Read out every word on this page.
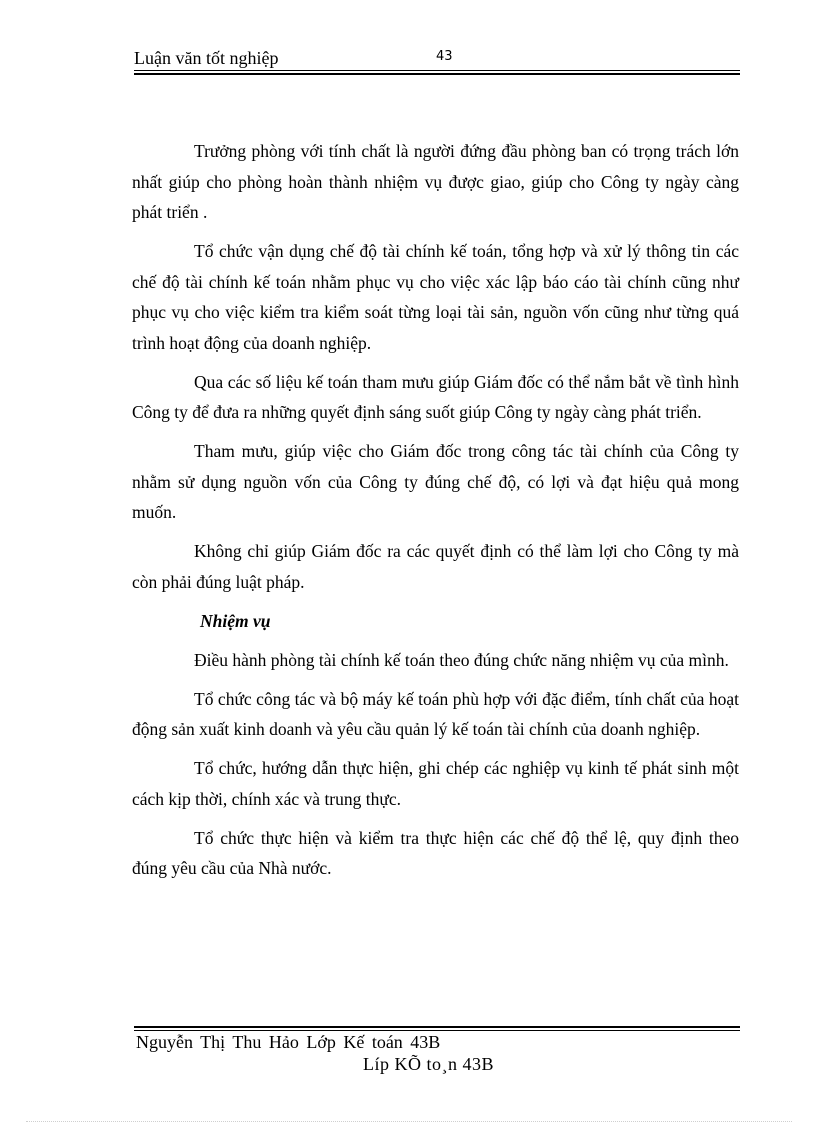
Luận văn tốt nghiệp	43

Trưởng phòng với tính chất là người đứng đầu phòng ban có trọng trách lớn nhất giúp cho phòng hoàn thành nhiệm vụ được giao, giúp cho Công ty ngày càng phát triển .

Tổ chức vận dụng chế độ tài chính kế toán, tổng hợp và xử lý thông tin các chế độ tài chính kế toán nhằm phục vụ cho việc xác lập báo cáo tài chính cũng như phục vụ cho việc kiểm tra kiểm soát từng loại tài sản, nguồn vốn cũng như từng quá trình hoạt động của doanh nghiệp.

Qua các số liệu kế toán tham mưu giúp Giám đốc có thể nắm bắt về tình hình Công ty để đưa ra những quyết định sáng suốt giúp Công ty ngày càng phát triển.

Tham mưu, giúp việc cho Giám đốc trong công tác tài chính của Công ty nhằm sử dụng nguồn vốn của Công ty đúng chế độ, có lợi và đạt hiệu quả mong muốn.

Không chỉ giúp Giám đốc ra các quyết định có thể làm lợi cho Công ty mà còn phải đúng luật pháp.

Nhiệm vụ

Điều hành phòng tài chính kế toán theo đúng chức năng nhiệm vụ của mình.

Tổ chức công tác và bộ máy kế toán phù hợp với đặc điểm, tính chất của hoạt động sản xuất kinh doanh và yêu cầu quản lý kế toán tài chính của doanh nghiệp.

Tổ chức, hướng dẫn thực hiện, ghi chép các nghiệp vụ kinh tế phát sinh một cách kịp thời, chính xác và trung thực.

Tổ chức thực hiện và kiểm tra thực hiện các chế độ thể lệ, quy định theo đúng yêu cầu của Nhà nước.

Nguyễn Thị Thu Hảo Lớp Kế toán 43B
Líp KÕ to¸n 43B
